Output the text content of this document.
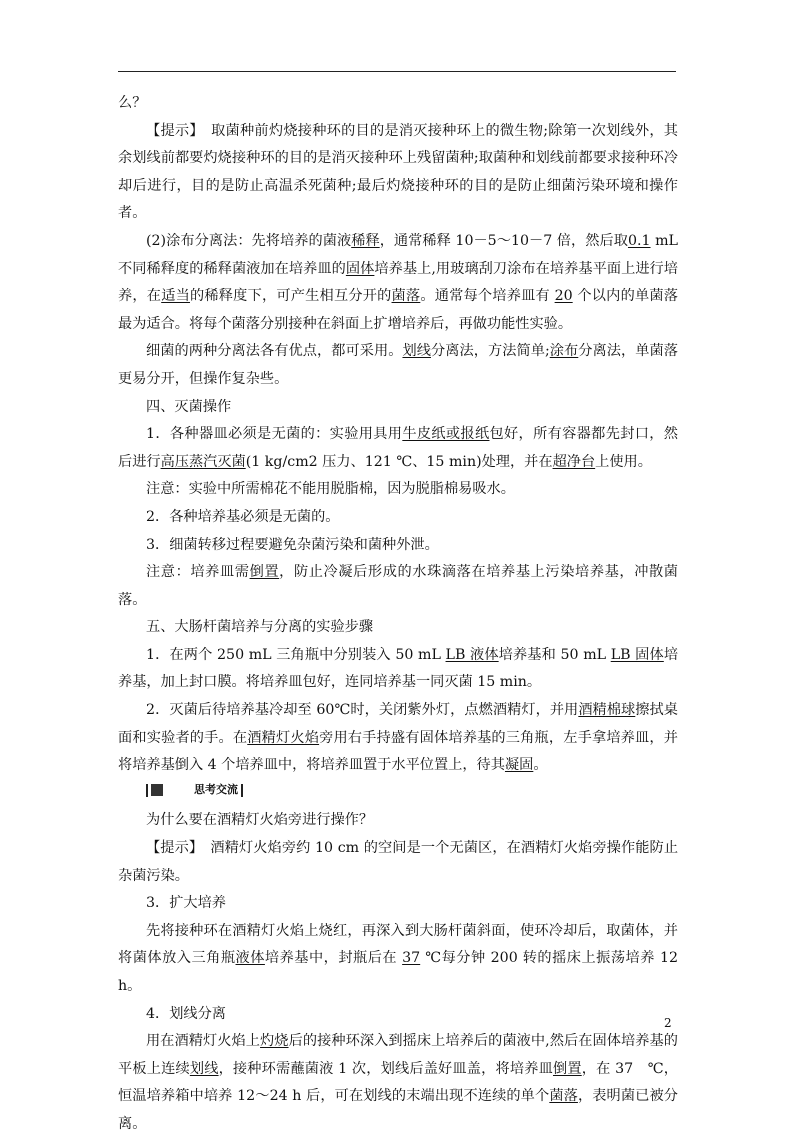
么？

【提示】　取菌种前灼烧接种环的目的是消灭接种环上的微生物;除第一次划线外，其余划线前都要灼烧接种环的目的是消灭接种环上残留菌种;取菌种和划线前都要求接种环冷却后进行，目的是防止高温杀死菌种;最后灼烧接种环的目的是防止细菌污染环境和操作者。

(2)涂布分离法：先将培养的菌液稀释，通常稀释 10－5～10－7 倍，然后取0.1 mL 不同稀释度的稀释菌液加在培养皿的固体培养基上,用玻璃刮刀涂布在培养基平面上进行培养，在适当的稀释度下，可产生相互分开的菌落。通常每个培养皿有 20 个以内的单菌落最为适合。将每个菌落分别接种在斜面上扩增培养后，再做功能性实验。

细菌的两种分离法各有优点，都可采用。划线分离法，方法简单;涂布分离法，单菌落更易分开，但操作复杂些。

四、灭菌操作

1．各种器皿必须是无菌的：实验用具用牛皮纸或报纸包好，所有容器都先封口，然后进行高压蒸汽灭菌(1 kg/cm2 压力、121 ℃、15 min)处理，并在超净台上使用。

注意：实验中所需棉花不能用脱脂棉，因为脱脂棉易吸水。

2．各种培养基必须是无菌的。

3．细菌转移过程要避免杂菌污染和菌种外泄。

注意：培养皿需倒置，防止冷凝后形成的水珠滴落在培养基上污染培养基，冲散菌落。

五、大肠杆菌培养与分离的实验步骤

1．在两个 250 mL 三角瓶中分别装入 50 mL LB 液体培养基和 50 mL LB 固体培养基，加上封口膜。将培养皿包好，连同培养基一同灭菌 15 min。

2．灭菌后待培养基冷却至 60℃时，关闭紫外灯，点燃酒精灯，并用酒精棉球擦拭桌面和实验者的手。在酒精灯火焰旁用右手持盛有固体培养基的三角瓶，左手拿培养皿，并将培养基倒入 4 个培养皿中，将培养皿置于水平位置上，待其凝固。

? 思考交流

为什么要在酒精灯火焰旁进行操作？

【提示】　酒精灯火焰旁约 10 cm 的空间是一个无菌区，在酒精灯火焰旁操作能防止杂菌污染。

3．扩大培养

先将接种环在酒精灯火焰上烧红，再深入到大肠杆菌斜面，使环冷却后，取菌体，并将菌体放入三角瓶液体培养基中，封瓶后在 37 ℃每分钟 200 转的摇床上振荡培养 12 h。

4．划线分离

用在酒精灯火焰上灼烧后的接种环深入到摇床上培养后的菌液中,然后在固体培养基的平板上连续划线，接种环需蘸菌液 1 次，划线后盖好皿盖，将培养皿倒置，在 37　℃，恒温培养箱中培养 12～24 h 后，可在划线的末端出现不连续的单个菌落，表明菌已被分离。

2
